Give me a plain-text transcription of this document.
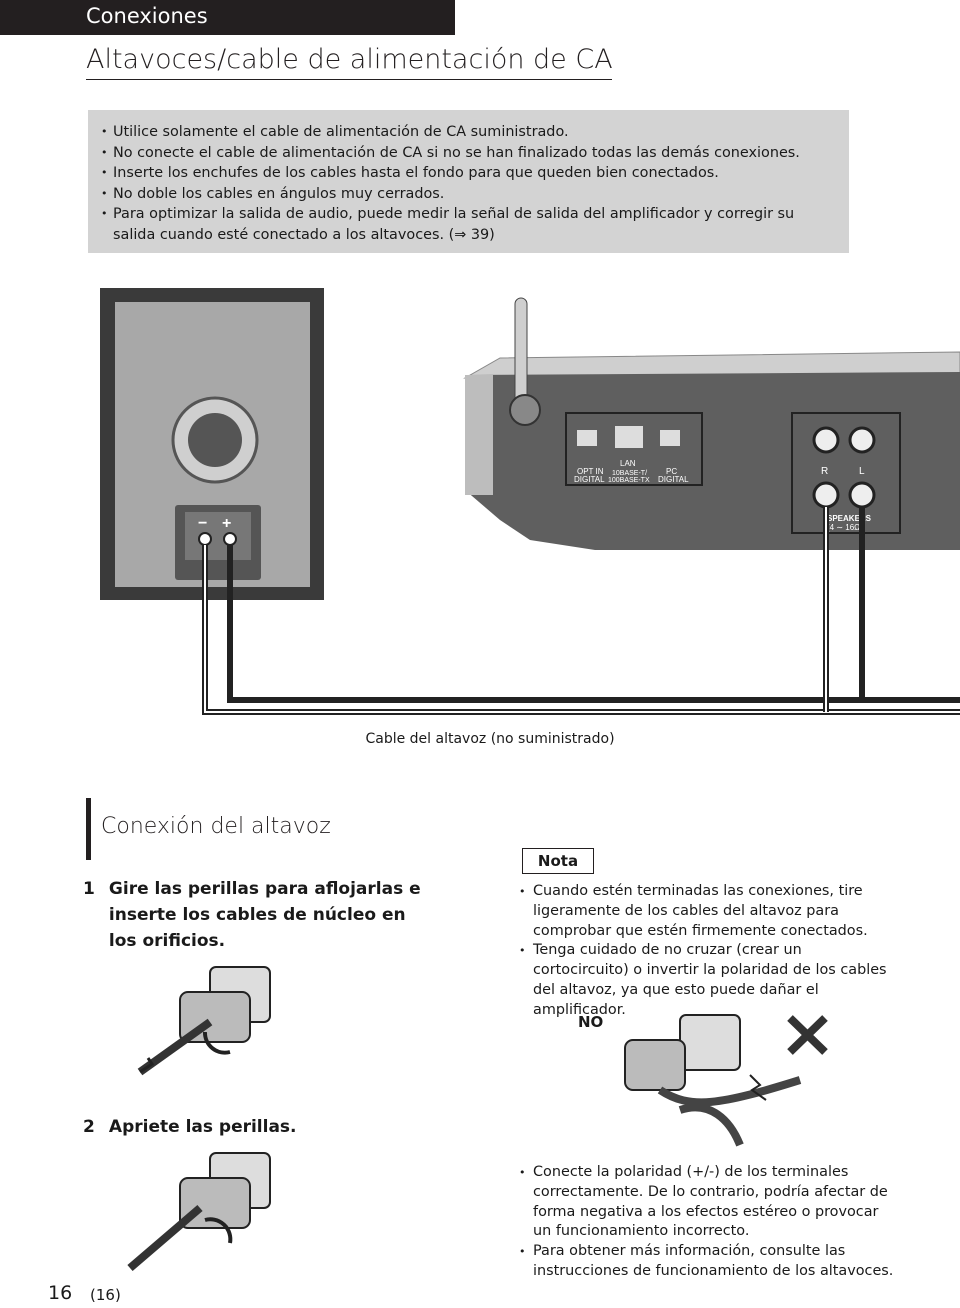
Conexiones
Altavoces/cable de alimentación de CA
• Utilice solamente el cable de alimentación de CA suministrado.
• No conecte el cable de alimentación de CA si no se han finalizado todas las demás conexiones.
• Inserte los enchufes de los cables hasta el fondo para que queden bien conectados.
• No doble los cables en ángulos muy cerrados.
• Para optimizar la salida de audio, puede medir la señal de salida del amplificador y corregir su salida cuando esté conectado a los altavoces. (⇒ 39)
− +
OPT IN
DIGITAL
LAN
10BASE-T/
100BASE-TX
PC
DIGITAL
R	L
SPEAKERS
(4 ∼ 16Ω)
Cable del altavoz (no suministrado)
Conexión del altavoz
1 Gire las perillas para aflojarlas e inserte los cables de núcleo en los orificios.
2 Apriete las perillas.
Nota
• Cuando estén terminadas las conexiones, tire ligeramente de los cables del altavoz para comprobar que estén firmemente conectados.
• Tenga cuidado de no cruzar (crear un cortocircuito) o invertir la polaridad de los cables del altavoz, ya que esto puede dañar el amplificador.
NO
• Conecte la polaridad (+/-) de los terminales correctamente. De lo contrario, podría afectar de forma negativa a los efectos estéreo o provocar un funcionamiento incorrecto.
• Para obtener más información, consulte las instrucciones de funcionamiento de los altavoces.
16 (16)
